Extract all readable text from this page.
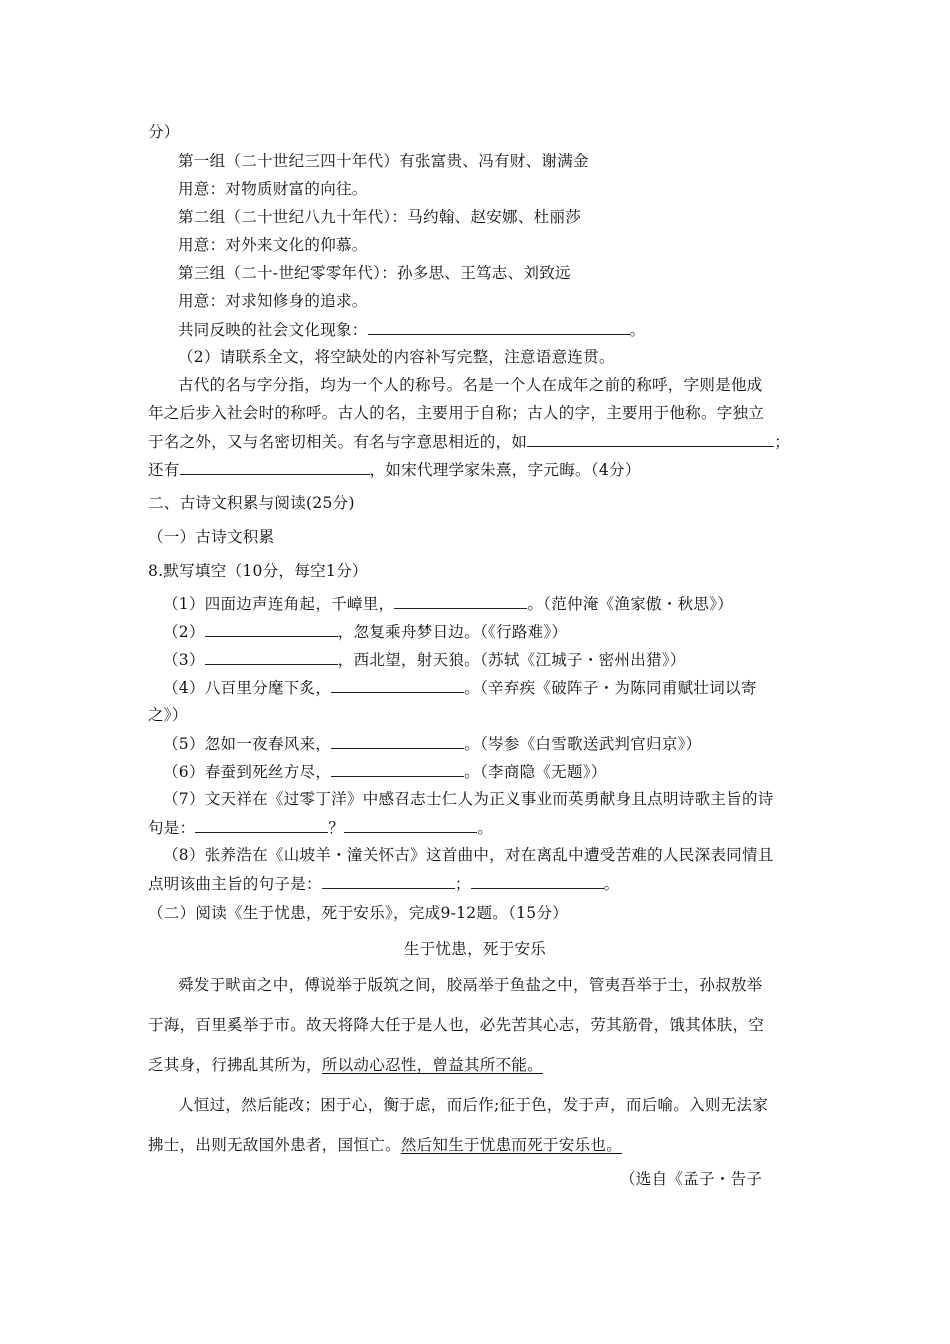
分）
第一组（二十世纪三四十年代）有张富贵、冯有财、谢满金
用意：对物质财富的向往。
第二组（二十世纪八九十年代）：马约翰、赵安娜、杜丽莎
用意：对外来文化的仰慕。
第三组（二十-世纪零零年代）：孙多思、王笃志、刘致远
用意：对求知修身的追求。
共同反映的社会文化现象：	。
（2）请联系全文，将空缺处的内容补写完整，注意语意连贯。
古代的名与字分指，均为一个人的称号。名是一个人在成年之前的称呼，字则是他成
年之后步入社会时的称呼。古人的名，主要用于自称；古人的字，主要用于他称。字独立
于名之外，又与名密切相关。有名与字意思相近的，如	；
还有	，如宋代理学家朱熹，字元晦。（4分）
二、古诗文积累与阅读(25分)
（一）古诗文积累
8.默写填空（10分，每空1分）
（1）四面边声连角起，千嶂里，	。（范仲淹《渔家傲・秋思》）
（2）	，忽复乘舟梦日边。（《行路难》）
（3）	，西北望，射天狼。（苏轼《江城子・密州出猎》）
（4）八百里分麾下炙，	。（辛弃疾《破阵子・为陈同甫赋壮词以寄
之》）
（5）忽如一夜春风来，	。（岑参《白雪歌送武判官归京》）
（6）春蚕到死丝方尽，	。（李商隐《无题》）
（7）文天祥在《过零丁洋》中感召志士仁人为正义事业而英勇献身且点明诗歌主旨的诗
句是：	？	。
（8）张养浩在《山坡羊・潼关怀古》这首曲中，对在离乱中遭受苦难的人民深表同情且
点明该曲主旨的句子是：	；	。
（二）阅读《生于忧患，死于安乐》，完成9-12题。（15分）
生于忧患，死于安乐
舜发于畎亩之中，傅说举于版筑之间，胶鬲举于鱼盐之中，管夷吾举于士，孙叔敖举
于海，百里奚举于市。故天将降大任于是人也，必先苦其心志，劳其筋骨，饿其体肤，空
乏其身，行拂乱其所为，所以动心忍性，曾益其所不能。
人恒过，然后能改；困于心，衡于虑，而后作;征于色，发于声，而后喻。入则无法家
拂士，出则无敌国外患者，国恒亡。然后知生于忧患而死于安乐也。
（选自《孟子・告子
